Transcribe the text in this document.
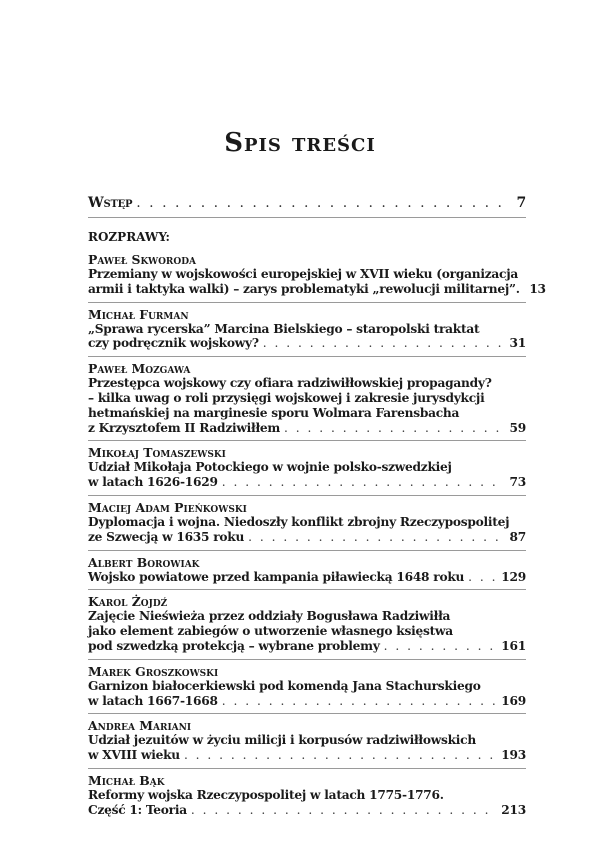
Spis treści
Wstęp . . .	7
ROZPRAWY:
Paweł Skworoda
Przemiany w wojskowości europejskiej w XVII wieku (organizacja
armii i taktyka walki) – zarys problematyki „rewolucji militarnej”. 13
Michał Furman
„Sprawa rycerska” Marcina Bielskiego – staropolski traktat
czy podręcznik wojskowy? . . .	31
Paweł Mozgawa
Przestępca wojskowy czy ofiara radziwiłłowskiej propagandy?
– kilka uwag o roli przysięgi wojskowej i zakresie jurysdykcji
hetmańskiej na marginesie sporu Wolmara Farensbacha
z Krzysztofem II Radziwiłłem . . .	59
Mikołaj Tomaszewski
Udział Mikołaja Potockiego w wojnie polsko-szwedzkiej
w latach 1626-1629 . . .	73
Maciej Adam Pieńkowski
Dyplomacja i wojna. Niedoszły konflikt zbrojny Rzeczypospolitej
ze Szwecją w 1635 roku . . .	87
Albert Borowiak
Wojsko powiatowe przed kampania piławiecką 1648 roku . . .	129
Karol Żojdź
Zajęcie Nieświeża przez oddziały Bogusława Radziwiłła
jako element zabiegów o utworzenie własnego księstwa
pod szwedzką protekcją – wybrane problemy . . .	161
Marek Groszkowski
Garnizon białocerkiewski pod komendą Jana Stachurskiego
w latach 1667-1668 . . .	169
Andrea Mariani
Udział jezuitów w życiu milicji i korpusów radziwiłłowskich
w XVIII wieku . . .	193
Michał Bąk
Reformy wojska Rzeczypospolitej w latach 1775-1776.
Część 1: Teoria . . .	213
